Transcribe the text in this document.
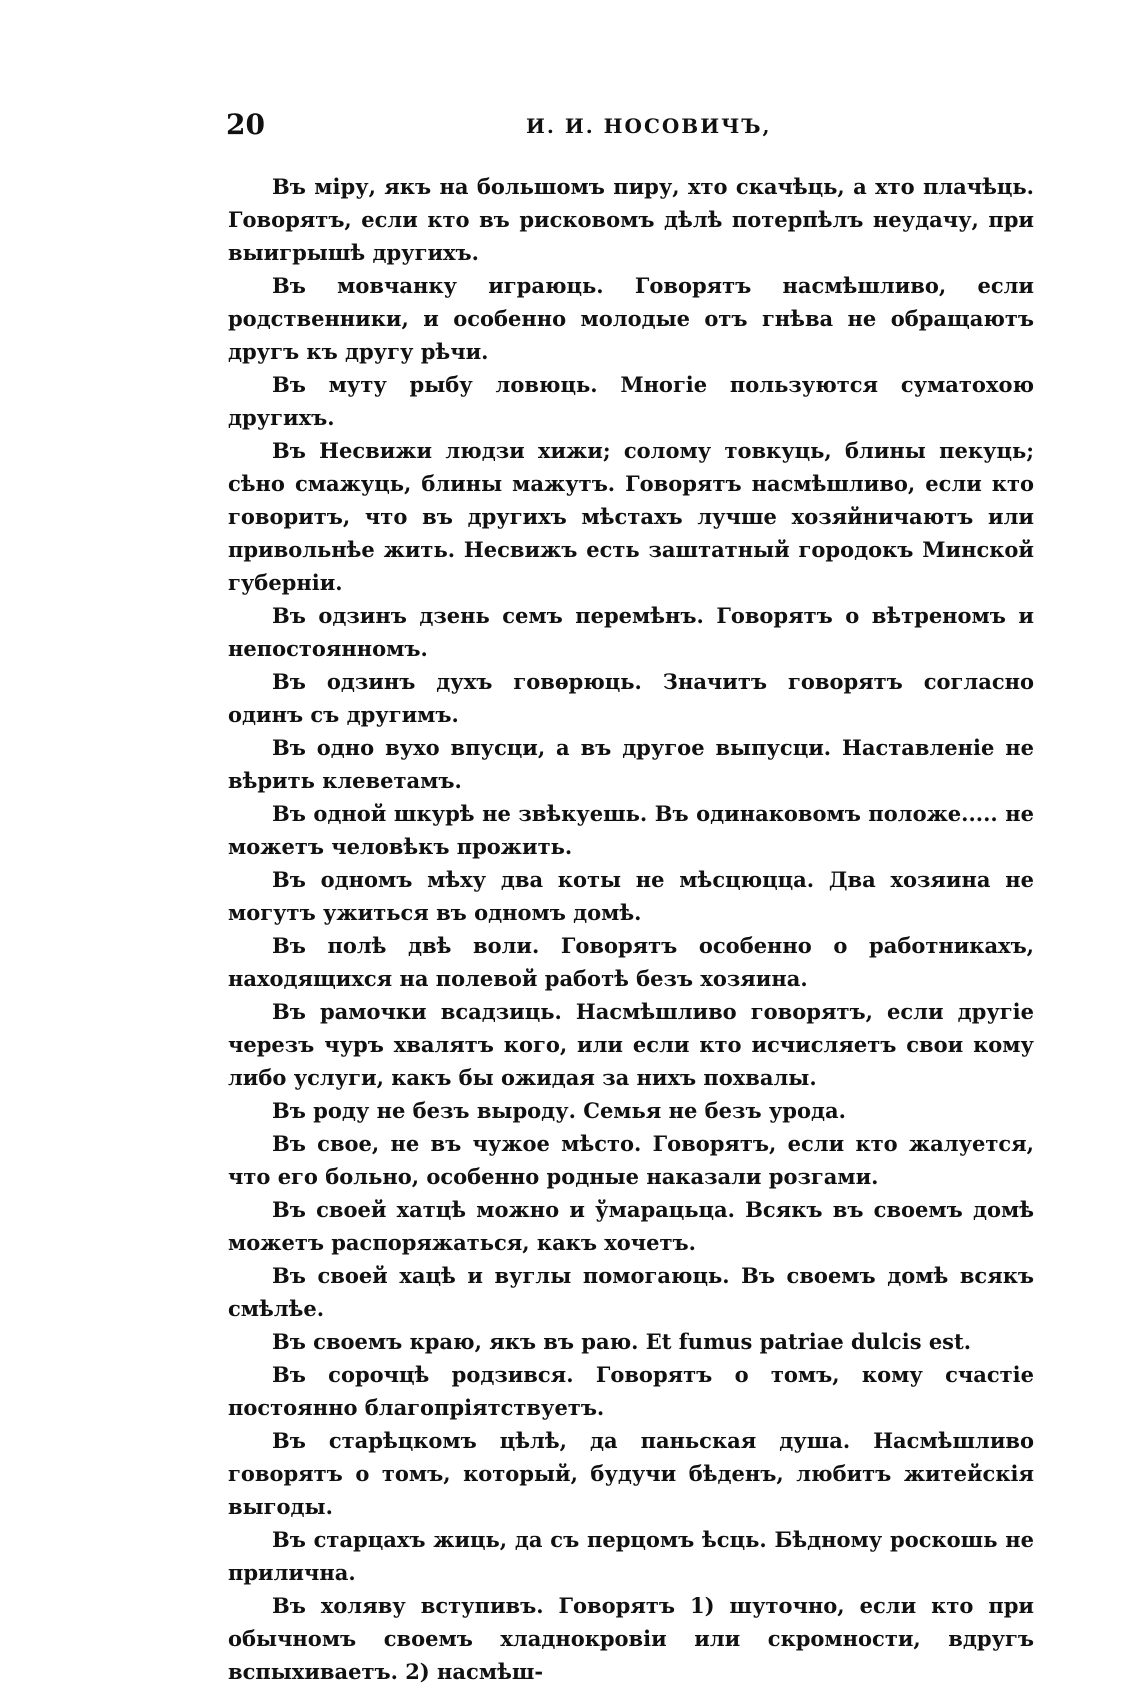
20	И. И. НОСОВИЧЪ,

Въ міру, якъ на большомъ пиру, хто скачѣць, а хто плачѣць. Говорятъ, если кто въ рисковомъ дѣлѣ потерпѣлъ неудачу, при выигрышѣ другихъ.

Въ мовчанку играюць. Говорятъ насмѣшливо, если родственники, и особенно молодые отъ гнѣва не обращаютъ другъ къ другу рѣчи.

Въ муту рыбу ловюць. Многіе пользуются суматохою другихъ.

Въ Несвижи людзи хижи; солому товкуць, блины пекуць; сѣно смажуць, блины мажутъ. Говорятъ насмѣшливо, если кто говоритъ, что въ другихъ мѣстахъ лучше хозяйничаютъ или привольнѣе жить. Несвижъ есть заштатный городокъ Минской губерніи.

Въ одзинъ дзень семъ перемѣнъ. Говорятъ о вѣтреномъ и непостоянномъ.

Въ одзинъ духъ говѳрюць. Значитъ говорятъ согласно одинъ съ другимъ.

Въ одно вухо впусци, а въ другое выпусци. Наставленіе не вѣрить клеветамъ.

Въ одной шкурѣ не звѣкуешь. Въ одинаковомъ положе..... не можетъ человѣкъ прожить.

Въ одномъ мѣху два коты не мѣсцюцца. Два хозяина не могутъ ужиться въ одномъ домѣ.

Въ полѣ двѣ воли. Говорятъ особенно о работникахъ, находящихся на полевой работѣ безъ хозяина.

Въ рамочки всадзиць. Насмѣшливо говорятъ, если другіе черезъ чуръ хвалятъ кого, или если кто исчисляетъ свои кому либо услуги, какъ бы ожидая за нихъ похвалы.

Въ роду не безъ выроду. Семья не безъ урода.

Въ свое, не въ чужое мѣсто. Говорятъ, если кто жалуется, что его больно, особенно родные наказали розгами.

Въ своей хатцѣ можно и ўмарацьца. Всякъ въ своемъ домѣ можетъ распоряжаться, какъ хочетъ.

Въ своей хацѣ и вуглы помогаюць. Въ своемъ домѣ всякъ смѣлѣе.

Въ своемъ краю, якъ въ раю. Et fumus patriae dulcis est.

Въ сорочцѣ родзився. Говорятъ о томъ, кому счастіе постоянно благопріятствуетъ.

Въ старѣцкомъ цѣлѣ, да паньская душа. Насмѣшливо говорятъ о томъ, который, будучи бѣденъ, любитъ житейскія выгоды.

Въ старцахъ жиць, да съ перцомъ ѣсць. Бѣдному роскошь не прилична.

Въ холяву вступивъ. Говорятъ 1) шуточно, если кто при обычномъ своемъ хладнокровіи или скромности, вдругъ вспыхиваетъ. 2) насмѣш-
